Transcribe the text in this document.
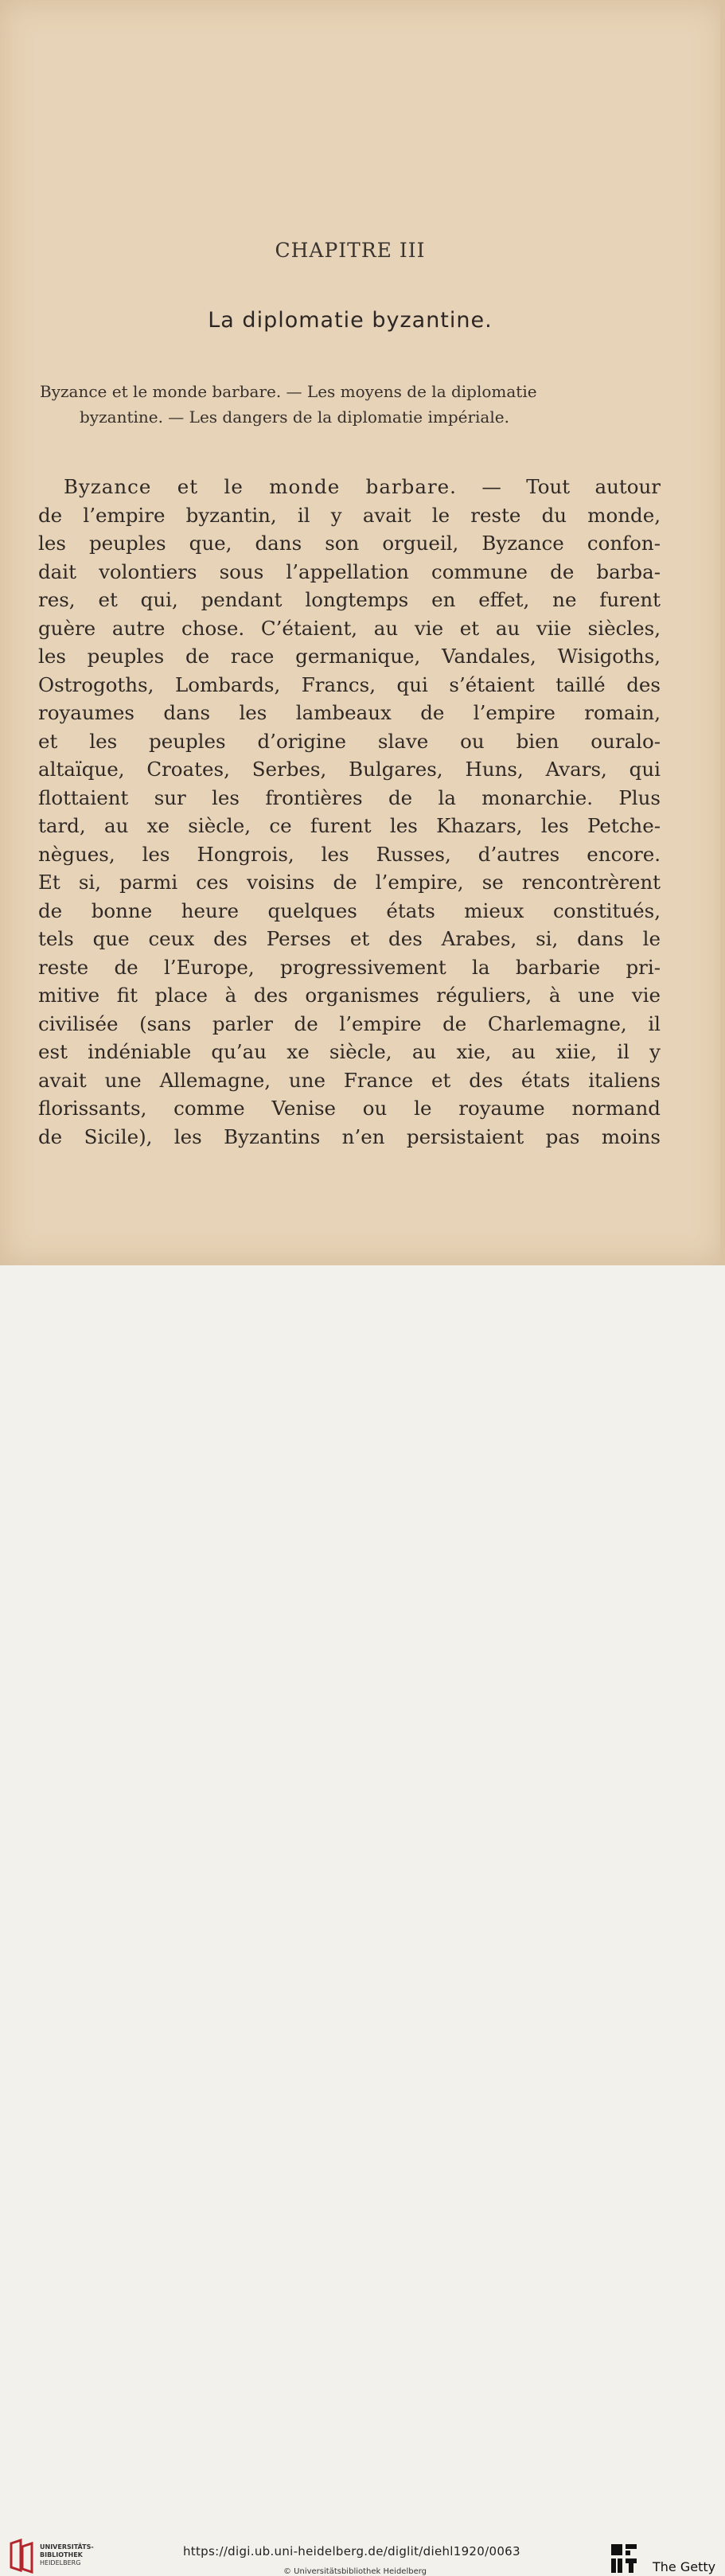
CHAPITRE III
La diplomatie byzantine.
Byzance et le monde barbare. — Les moyens de la diplomatie
byzantine. — Les dangers de la diplomatie impériale.
Byzance et le monde barbare. — Tout autour
de l’empire byzantin, il y avait le reste du monde,
les peuples que, dans son orgueil, Byzance confon-
dait volontiers sous l’appellation commune de barba-
res, et qui, pendant longtemps en effet, ne furent
guère autre chose. C’étaient, au vie et au viie siècles,
les peuples de race germanique, Vandales, Wisigoths,
Ostrogoths, Lombards, Francs, qui s’étaient taillé des
royaumes dans les lambeaux de l’empire romain,
et les peuples d’origine slave ou bien ouralo-
altaïque, Croates, Serbes, Bulgares, Huns, Avars, qui
flottaient sur les frontières de la monarchie. Plus
tard, au xe siècle, ce furent les Khazars, les Petche-
nègues, les Hongrois, les Russes, d’autres encore.
Et si, parmi ces voisins de l’empire, se rencontrèrent
de bonne heure quelques états mieux constitués,
tels que ceux des Perses et des Arabes, si, dans le
reste de l’Europe, progressivement la barbarie pri-
mitive fit place à des organismes réguliers, à une vie
civilisée (sans parler de l’empire de Charlemagne, il
est indéniable qu’au xe siècle, au xie, au xiie, il y
avait une Allemagne, une France et des états italiens
florissants, comme Venise ou le royaume normand
de Sicile), les Byzantins n’en persistaient pas moins
UNIVERSITÄTS-
BIBLIOTHEK
HEIDELBERG
https://digi.ub.uni-heidelberg.de/diglit/diehl1920/0063
© Universitätsbibliothek Heidelberg	The Getty
